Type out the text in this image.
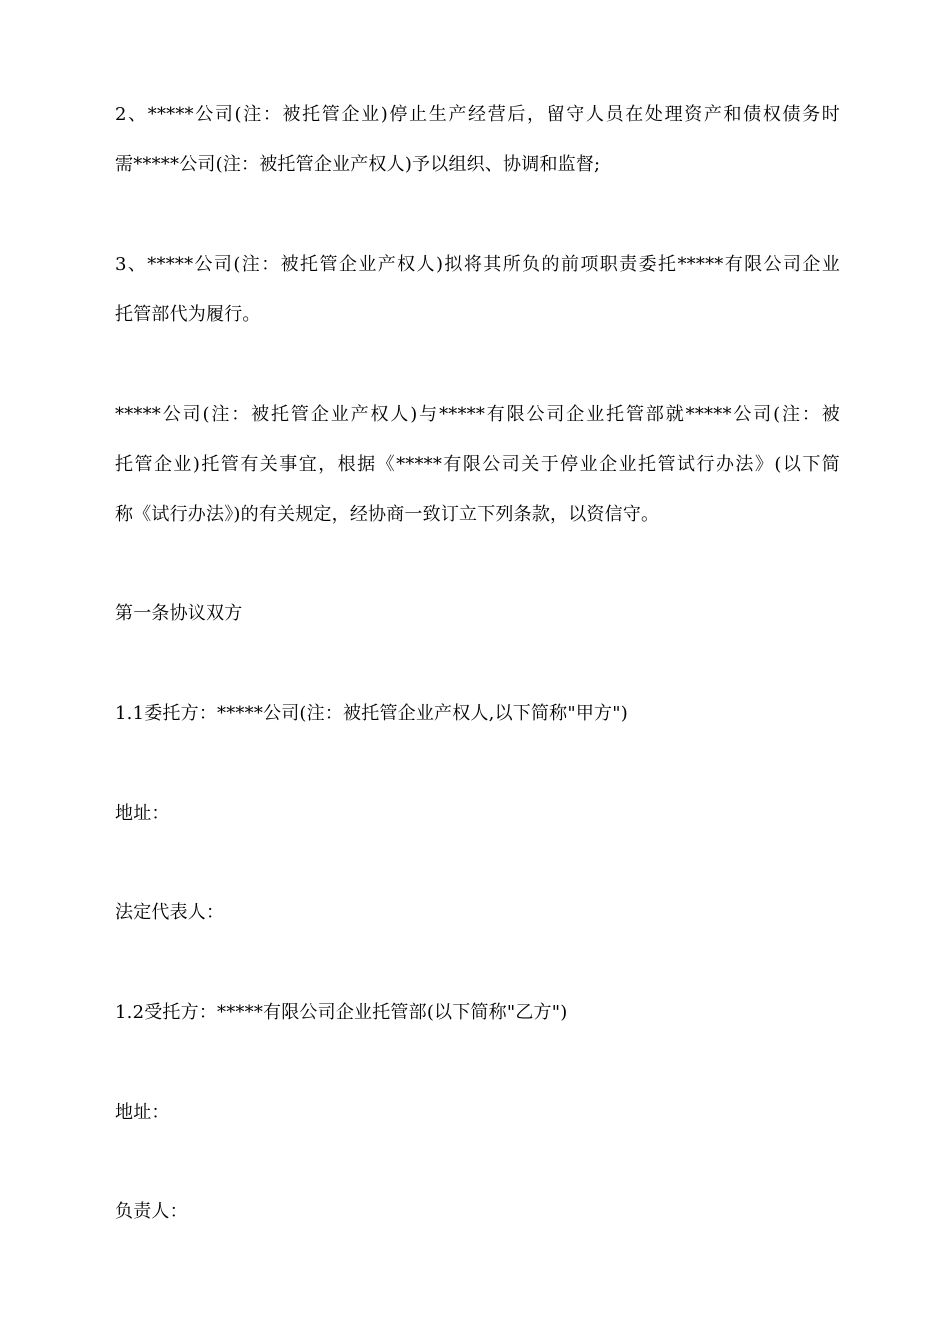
2、*****公司(注：被托管企业)停止生产经营后，留守人员在处理资产和债权债务时
需*****公司(注：被托管企业产权人)予以组织、协调和监督;
3、*****公司(注：被托管企业产权人)拟将其所负的前项职责委托*****有限公司企业
托管部代为履行。
*****公司(注：被托管企业产权人)与*****有限公司企业托管部就*****公司(注：被
托管企业)托管有关事宜，根据《*****有限公司关于停业企业托管试行办法》(以下简
称《试行办法》)的有关规定，经协商一致订立下列条款，以资信守。
第一条协议双方
1.1委托方：*****公司(注：被托管企业产权人,以下简称"甲方")
地址：
法定代表人：
1.2受托方：*****有限公司企业托管部(以下简称"乙方")
地址：
负责人：
